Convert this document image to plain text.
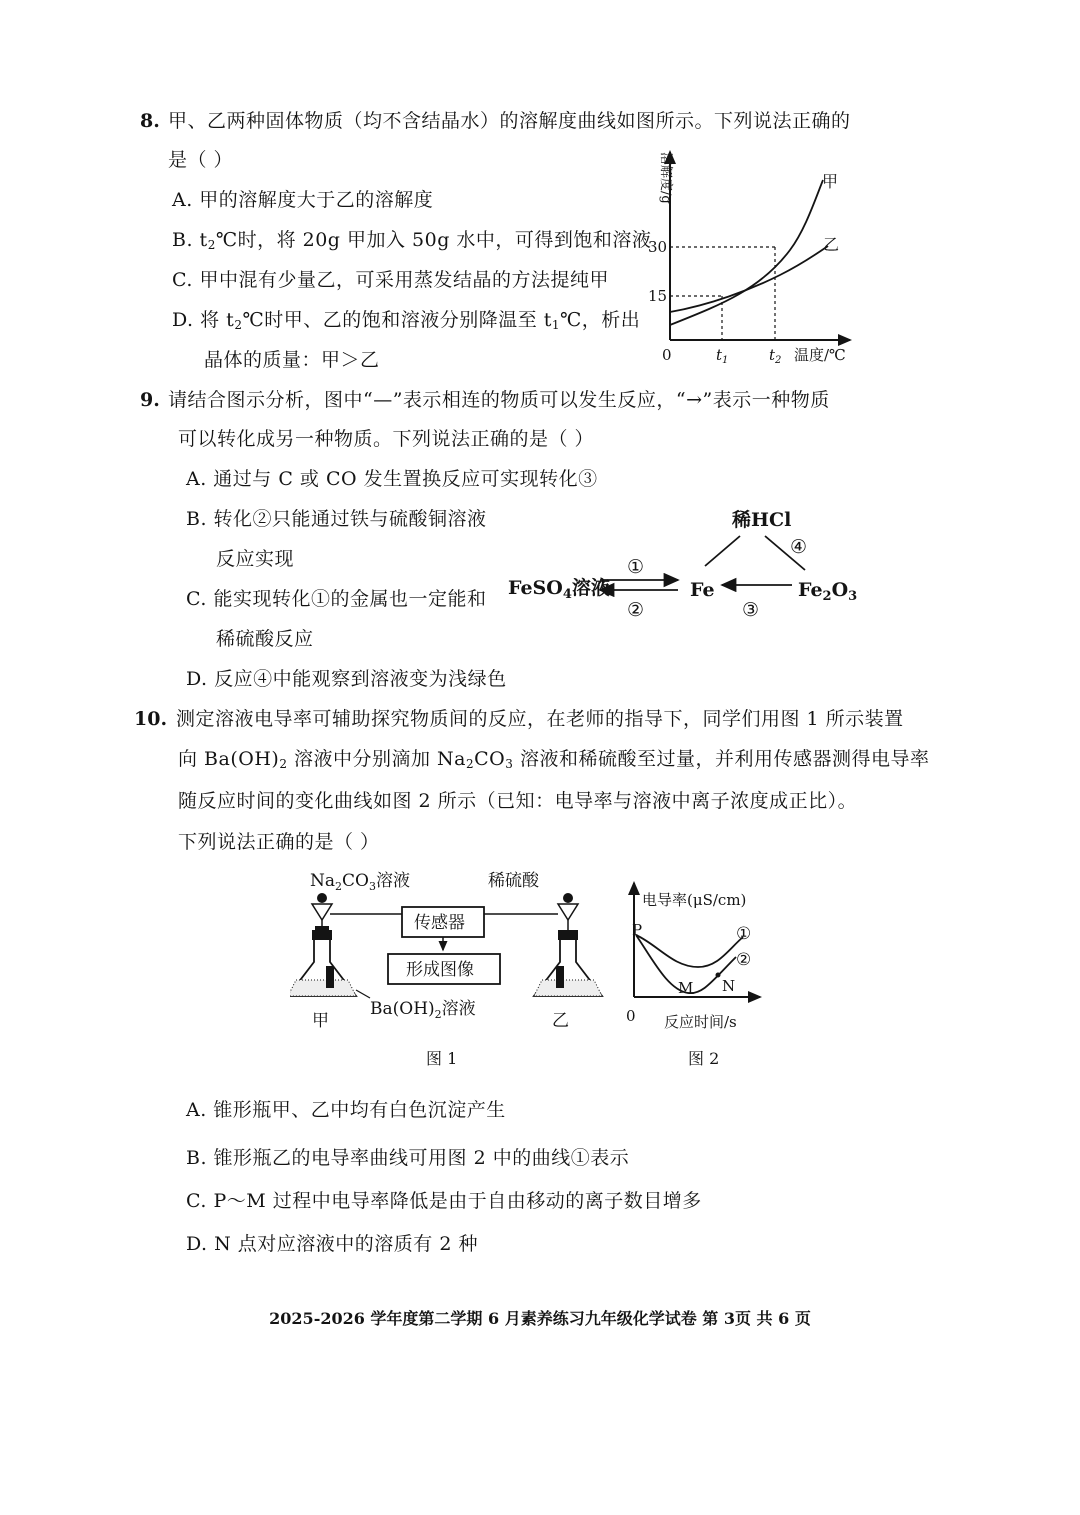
8. 甲、乙两种固体物质（均不含结晶水）的溶解度曲线如图所示。下列说法正确的
是（ ）
A. 甲的溶解度大于乙的溶解度
B. $t_2℃$时，将 20g 甲加入 50g 水中，可得到饱和溶液
C. 甲中混有少量乙，可采用蒸发结晶的方法提纯甲
D. 将 $t_2℃$时甲、乙的饱和溶液分别降温至 $t_1℃$，析出
晶体的质量：甲＞乙
溶解度/g
30
15
0	$t_1$	$t_2$ 温度/℃
甲
乙
9. 请结合图示分析，图中“—”表示相连的物质可以发生反应，“→”表示一种物质
可以转化成另一种物质。下列说法正确的是（ ）
A. 通过与 C 或 CO 发生置换反应可实现转化③
B. 转化②只能通过铁与硫酸铜溶液
反应实现
C. 能实现转化①的金属也一定能和
稀硫酸反应
D. 反应④中能观察到溶液变为浅绿色
稀HCl
④
FeSO$_4$溶液	Fe	$Fe_2O_3$
①
②	③
10. 测定溶液电导率可辅助探究物质间的反应，在老师的指导下，同学们用图 1 所示装置
向 $Ba(OH)_2$ 溶液中分别滴加 $Na_2CO_3$ 溶液和稀硫酸至过量，并利用传感器测得电导率
随反应时间的变化曲线如图 2 所示（已知：电导率与溶液中离子浓度成正比）。
下列说法正确的是（ ）
$Na_2CO_3$溶液	稀硫酸
传感器
形成图像
$Ba(OH)_2$溶液
甲	乙
图 1
电导率(μS/cm)
P
M N
①
②
0 反应时间/s
图 2
A. 锥形瓶甲、乙中均有白色沉淀产生
B. 锥形瓶乙的电导率曲线可用图 2 中的曲线①表示
C. P～M 过程中电导率降低是由于自由移动的离子数目增多
D. N 点对应溶液中的溶质有 2 种
2025-2026 学年度第二学期 6 月素养练习九年级化学试卷 第 3页 共 6 页
